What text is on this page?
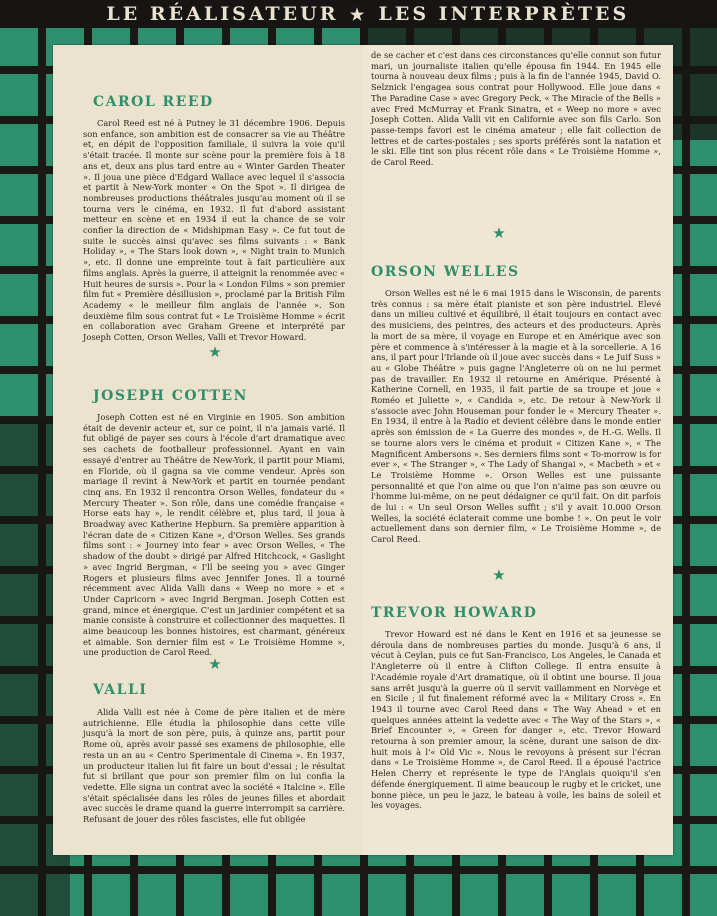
LE RÉALISATEUR ★ LES INTERPRÈTES
CAROL REED

Carol Reed est né à Putney le 31 décembre 1906. Depuis son enfance, son ambition est de consacrer sa vie au Théâtre et, en dépit de l'opposition familiale, il suivra la voie qu'il s'était tracée. Il monte sur scène pour la première fois à 18 ans et, deux ans plus tard entre au « Winter Garden Theater ». Il joua une pièce d'Edgard Wallace avec lequel il s'associa et partit à New-York monter « On the Spot ». Il dirigea de nombreuses productions théâtrales jusqu'au moment où il se tourna vers le cinéma, en 1932. Il fut d'abord assistant metteur en scène et en 1934 il eut la chance de se voir confier la direction de « Midshipman Easy ». Ce fut tout de suite le succès ainsi qu'avec ses films suivants : « Bank Holiday », « The Stars look down », « Night train to Munich », etc. Il donne une empreinte tout à fait particulière aux films anglais. Après la guerre, il atteignit la renommée avec « Huit heures de sursis ». Pour la « London Films » son premier film fut « Première désillusion », proclamé par la British Film Academy « le meilleur film anglais de l'année ». Son deuxième film sous contrat fut « Le Troisième Homme » écrit en collaboration avec Graham Greene et interprété par Joseph Cotten, Orson Welles, Valli et Trevor Howard.

★
JOSEPH COTTEN

Joseph Cotten est né en Virginie en 1905. Son ambition était de devenir acteur et, sur ce point, il n'a jamais varié. Il fut obligé de payer ses cours à l'école d'art dramatique avec ses cachets de footballeur professionnel. Ayant en vain essayé d'entrer au Théâtre de New-York, il partit pour Miami, en Floride, où il gagna sa vie comme vendeur. Après son mariage il revint à New-York et partit en tournée pendant cinq ans. En 1932 il rencontra Orson Welles, fondateur du « Mercury Theater ». Son rôle, dans une comédie française « Horse eats hay », le rendit célèbre et, plus tard, il joua à Broadway avec Katherine Hepburn. Sa première apparition à l'écran date de « Citizen Kane », d'Orson Welles. Ses grands films sont : « Journey into fear » avec Orson Welles, « The shadow of the doubt » dirigé par Alfred Hitchcock, « Gaslight » avec Ingrid Bergman, « I'll be seeing you » avec Ginger Rogers et plusieurs films avec Jennifer Jones. Il a tourné récemment avec Alida Valli dans « Weep no more » et « Under Capricorn » avec Ingrid Bergman. Joseph Cotten est grand, mince et énergique. C'est un jardinier compétent et sa manie consiste à construire et collectionner des maquettes. Il aime beaucoup les bonnes histoires, est charmant, généreux et aimable. Son dernier film est « Le Troisième Homme », une production de Carol Reed.

★
VALLI

Alida Valli est née à Come de père italien et de mère autrichienne. Elle étudia la philosophie dans cette ville jusqu'à la mort de son père, puis, à quinze ans, partit pour Rome où, après avoir passé ses examens de philosophie, elle resta un an au « Centro Sperimentale di Cinema ». En 1937, un producteur italien lui fit faire un bout d'essai ; le résultat fut si brillant que pour son premier film on lui confia la vedette. Elle signa un contrat avec la société « Italcine ». Elle s'était spécialisée dans les rôles de jeunes filles et abordait avec succès le drame quand la guerre interrompit sa carrière. Refusant de jouer des rôles fascistes, elle fut obligée

de se cacher et c'est dans ces circonstances qu'elle connut son futur mari, un journaliste italien qu'elle épousa fin 1944. En 1945 elle tourna à nouveau deux films ; puis à la fin de l'année 1945, David O. Selznick l'engagea sous contrat pour Hollywood. Elle joue dans « The Paradine Case » avec Gregory Peck, « The Miracle of the Bells » avec Fred McMurray et Frank Sinatra, et « Weep no more » avec Joseph Cotten. Alida Valli vit en Californie avec son fils Carlo. Son passe-temps favori est le cinéma amateur ; elle fait collection de lettres et de cartes-postales ; ses sports préférés sont la natation et le ski. Elle tint son plus récent rôle dans « Le Troisième Homme », de Carol Reed.

★
ORSON WELLES

Orson Welles est né le 6 mai 1915 dans le Wisconsin, de parents très connus : sa mère était pianiste et son père industriel. Elevé dans un milieu cultivé et équilibré, il était toujours en contact avec des musiciens, des peintres, des acteurs et des producteurs. Après la mort de sa mère, il voyage en Europe et en Amérique avec son père et commence à s'intéresser à la magie et à la sorcellerie. A 16 ans, il part pour l'Irlande où il joue avec succès dans « Le Juif Suss » au « Globe Théâtre » puis gagne l'Angleterre où on ne lui permet pas de travailler. En 1932 il retourne en Amérique. Présenté à Katherine Cornell, en 1935, il fait partie de sa troupe et joue « Roméo et Juliette », « Candida », etc. De retour à New-York il s'associe avec John Houseman pour fonder le « Mercury Theater ». En 1934, il entre à la Radio et devient célèbre dans le monde entier après son émission de « La Guerre des mondes », de H.-G. Wells. Il se tourne alors vers le cinéma et produit « Citizen Kane », « The Magnificent Ambersons ». Ses derniers films sont « To-morrow is for ever », « The Stranger », « The Lady of Shangai », « Macbeth » et « Le Troisième Homme ». Orson Welles est une puissante personnalité et que l'on aime ou que l'on n'aime pas son œuvre ou l'homme lui-même, on ne peut dédaigner ce qu'il fait. On dit parfois de lui : « Un seul Orson Welles suffit ; s'il y avait 10.000 Orson Welles, la société éclaterait comme une bombe ! ». On peut le voir actuellement dans son dernier film, « Le Troisième Homme », de Carol Reed.

★
TREVOR HOWARD

Trevor Howard est né dans le Kent en 1916 et sa jeunesse se déroula dans de nombreuses parties du monde. Jusqu'à 6 ans, il vécut à Ceylan, puis ce fut San-Francisco, Los Angeles, le Canada et l'Angleterre où il entre à Clifton College. Il entra ensuite à l'Académie royale d'Art dramatique, où il obtint une bourse. Il joua sans arrêt jusqu'à la guerre où il servit vaillamment en Norvège et en Sicile ; il fut finalement réformé avec la « Military Cross ». En 1943 il tourne avec Carol Reed dans « The Way Ahead » et en quelques années atteint la vedette avec « The Way of the Stars », « Brief Encounter », « Green for danger », etc. Trevor Howard retourna à son premier amour, la scène, durant une saison de dix-huit mois à l'« Old Vic ». Nous le revoyons à présent sur l'écran dans « Le Troisième Homme », de Carol Reed. Il a épousé l'actrice Helen Cherry et représente le type de l'Anglais quoiqu'il s'en défende énergiquement. Il aime beaucoup le rugby et le cricket, une bonne pièce, un peu le jazz, le bateau à voile, les bains de soleil et les voyages.
